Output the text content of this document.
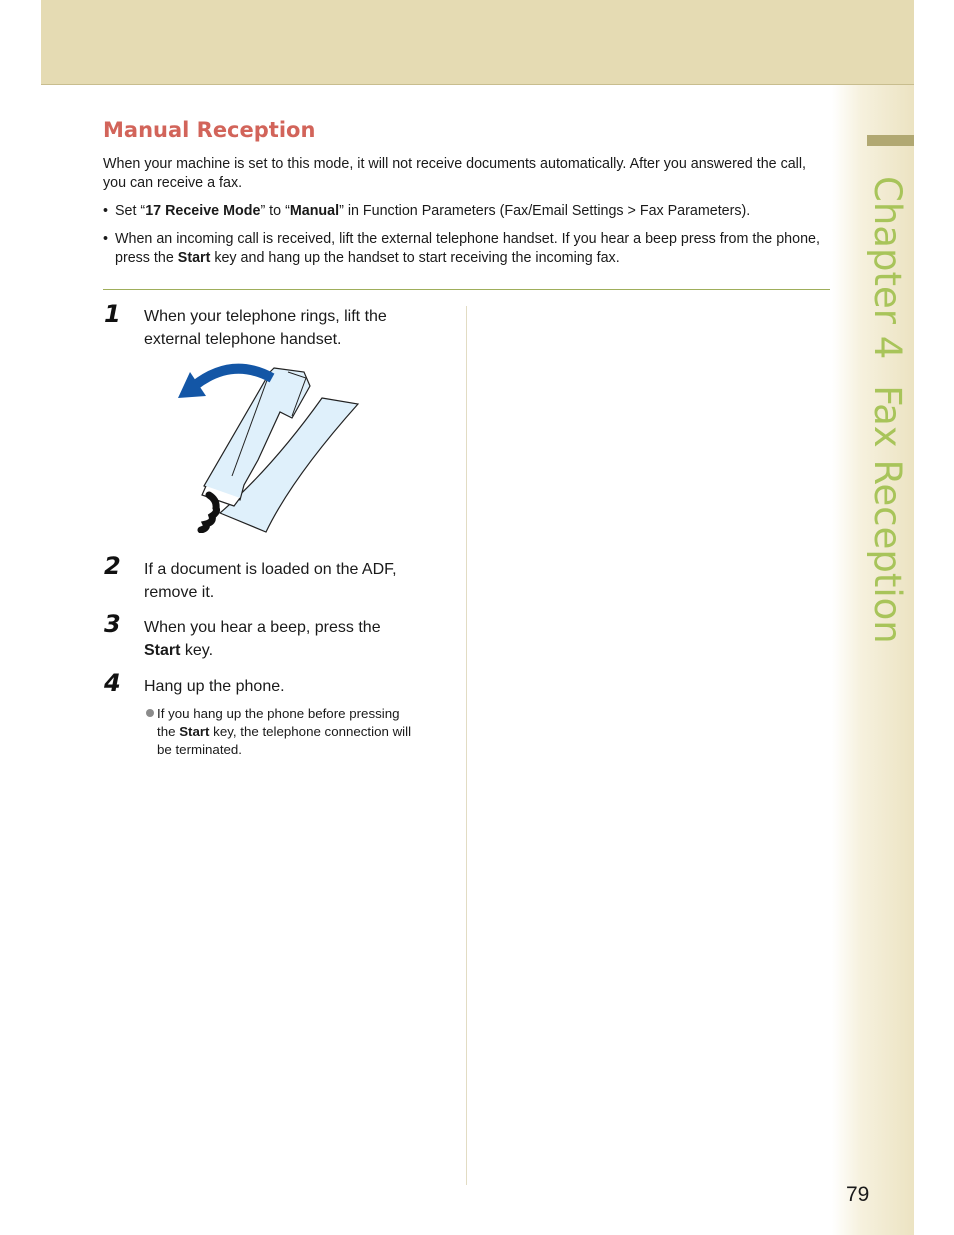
Chapter 4Fax Reception
Manual Reception

When your machine is set to this mode, it will not receive documents automatically. After you answered the call, you can receive a fax.

• Set “17 Receive Mode” to “Manual” in Function Parameters (Fax/Email Settings > Fax Parameters).
• When an incoming call is received, lift the external telephone handset. If you hear a beep press from the phone, press the Start key and hang up the handset to start receiving the incoming fax.
1	When your telephone rings, lift the
external telephone handset.
2	If a document is loaded on the ADF,
remove it.
3	When you hear a beep, press the
Start key.
4	Hang up the phone.
If you hang up the phone before pressing
the Start key, the telephone connection will
be terminated.
79
